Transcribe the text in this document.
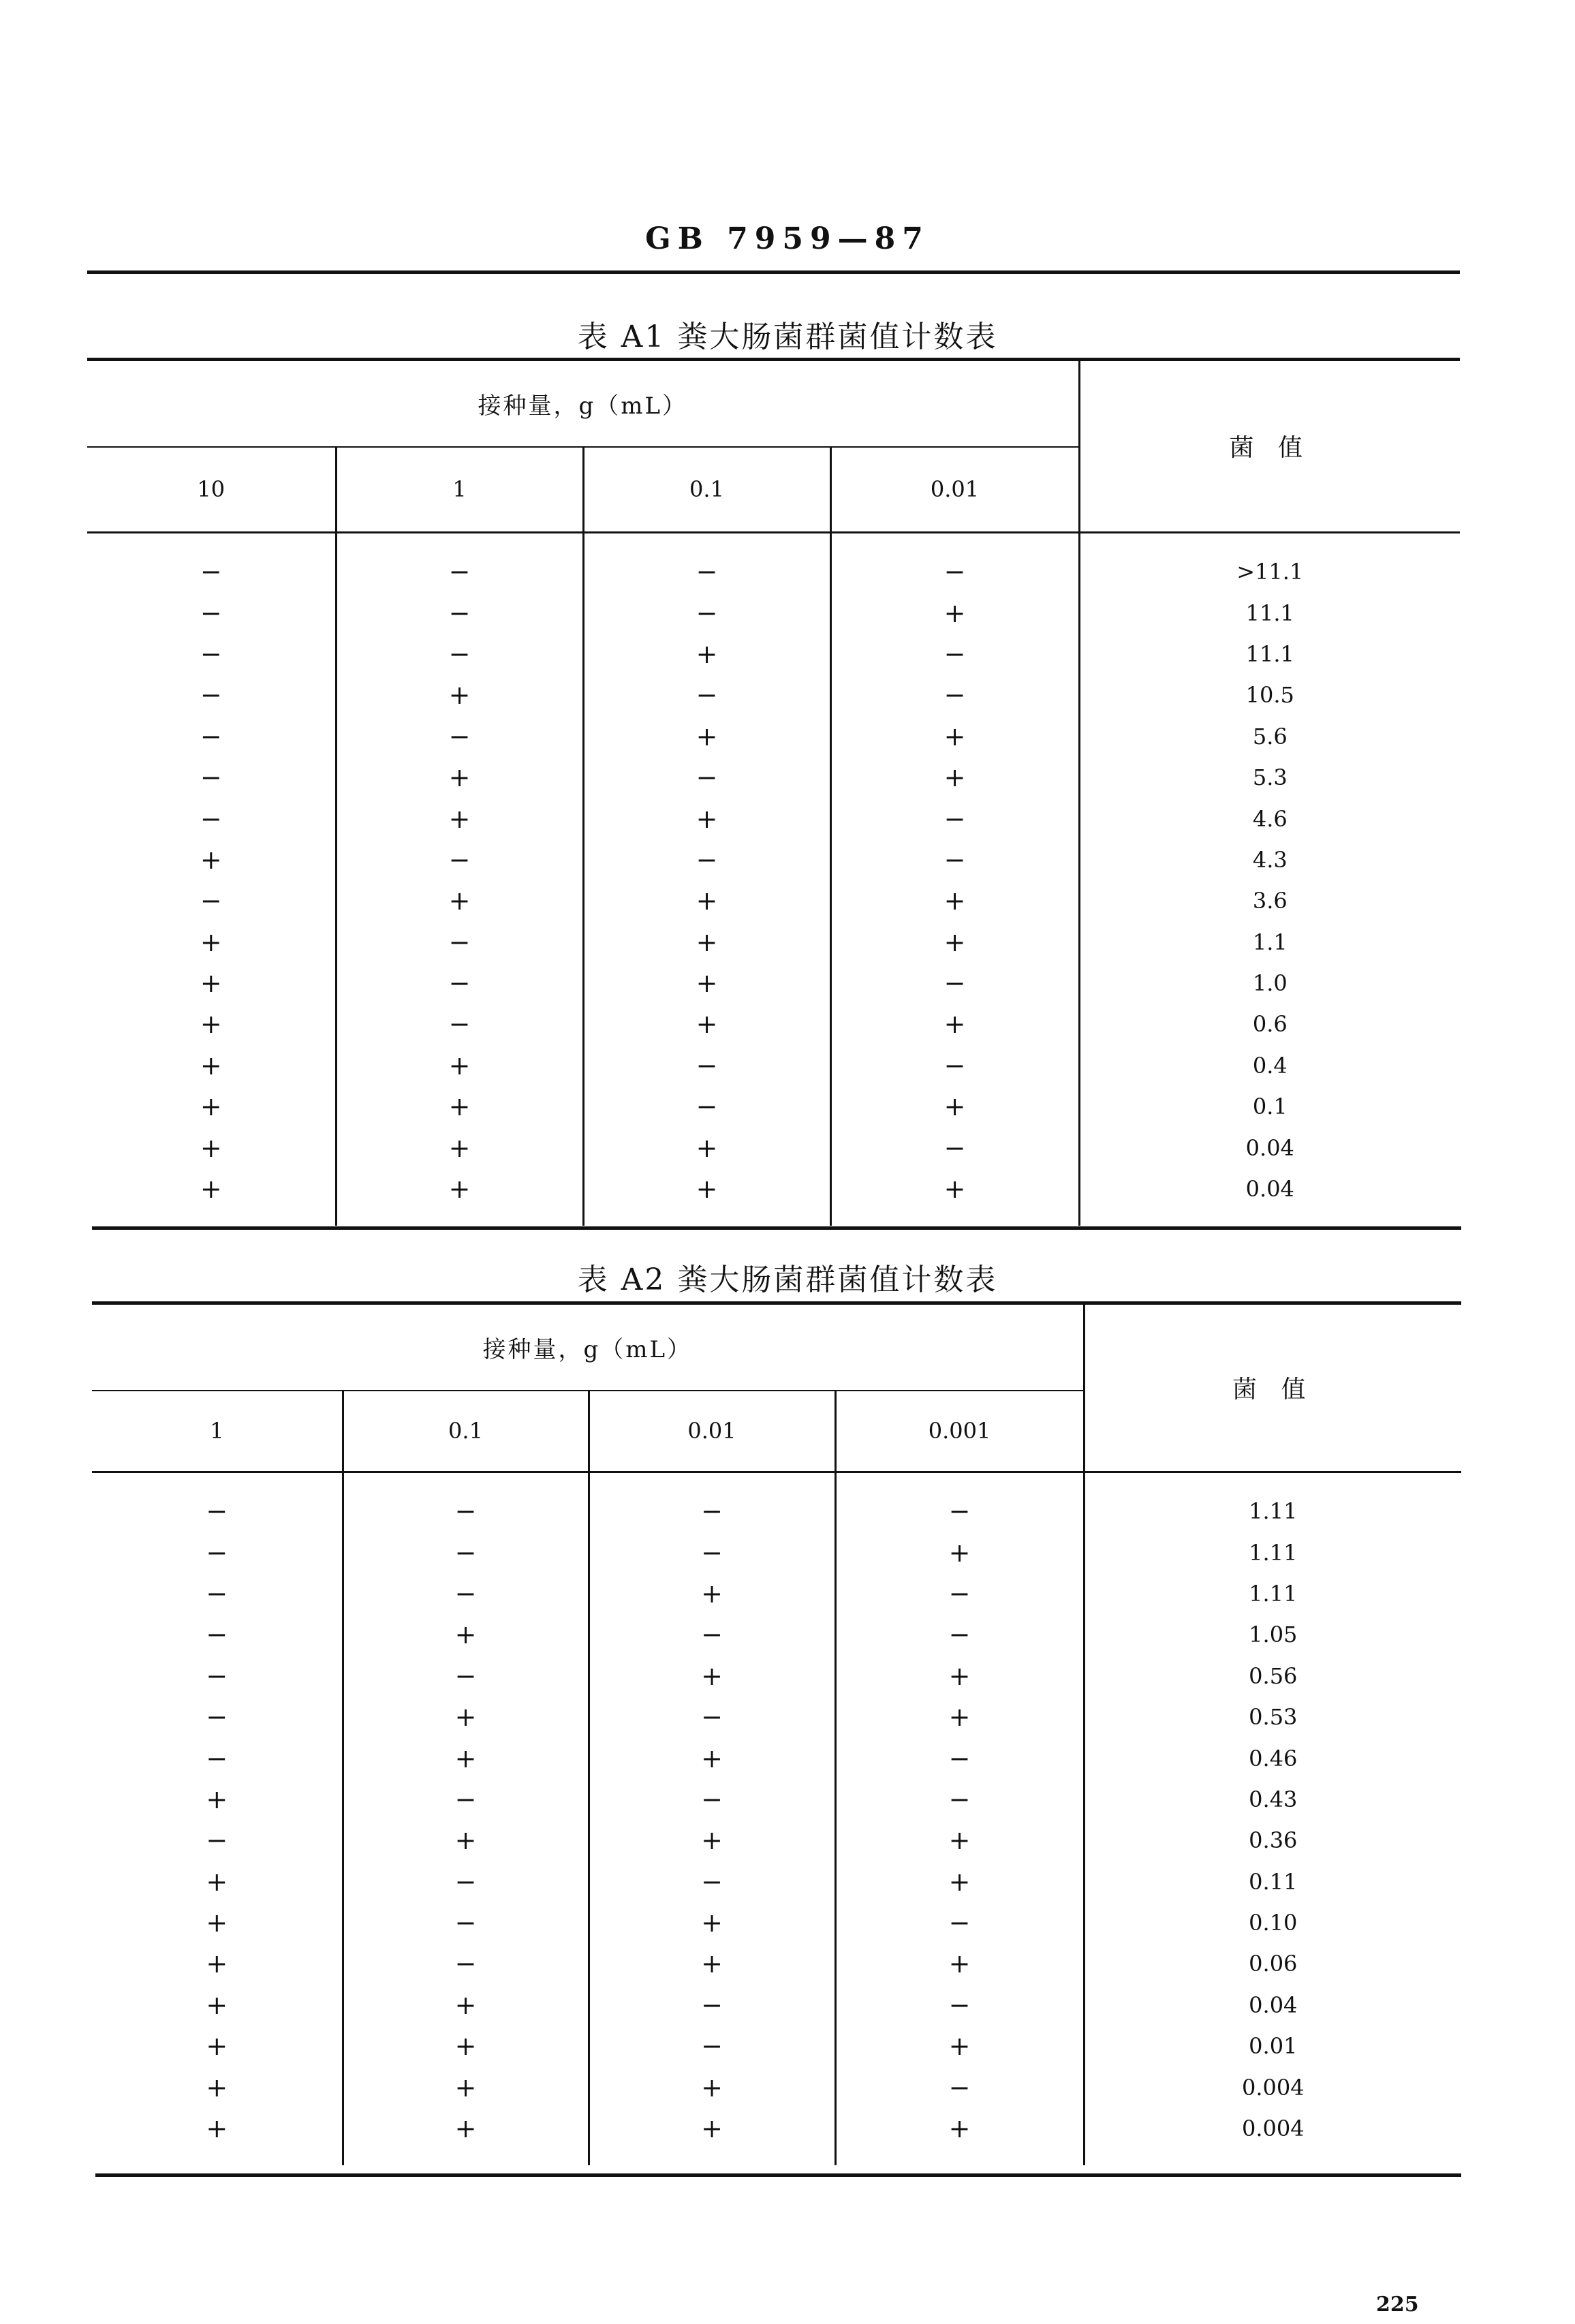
GB 7959—87
表 A1 粪大肠菌群菌值计数表
接种量，g（mL）				菌 值
10	1	0.1	0.01	

−	−	−	−	>11.1
−	−	−	+	11.1
−	−	+	−	11.1
−	+	−	−	10.5
−	−	+	+	5.6
−	+	−	+	5.3
−	+	+	−	4.6
+	−	−	−	4.3
−	+	+	+	3.6
+	−	+	+	1.1
+	−	+	−	1.0
+	−	+	+	0.6
+	+	−	−	0.4
+	+	−	+	0.1
+	+	+	−	0.04
+	+	+	+	0.04

表 A2 粪大肠菌群菌值计数表
接种量，g（mL）				菌 值
1	0.1	0.01	0.001	

−	−	−	−	1.11
−	−	−	+	1.11
−	−	+	−	1.11
−	+	−	−	1.05
−	−	+	+	0.56
−	+	−	+	0.53
−	+	+	−	0.46
+	−	−	−	0.43
−	+	+	+	0.36
+	−	−	+	0.11
+	−	+	−	0.10
+	−	+	+	0.06
+	+	−	−	0.04
+	+	−	+	0.01
+	+	+	−	0.004
+	+	+	+	0.004

225
